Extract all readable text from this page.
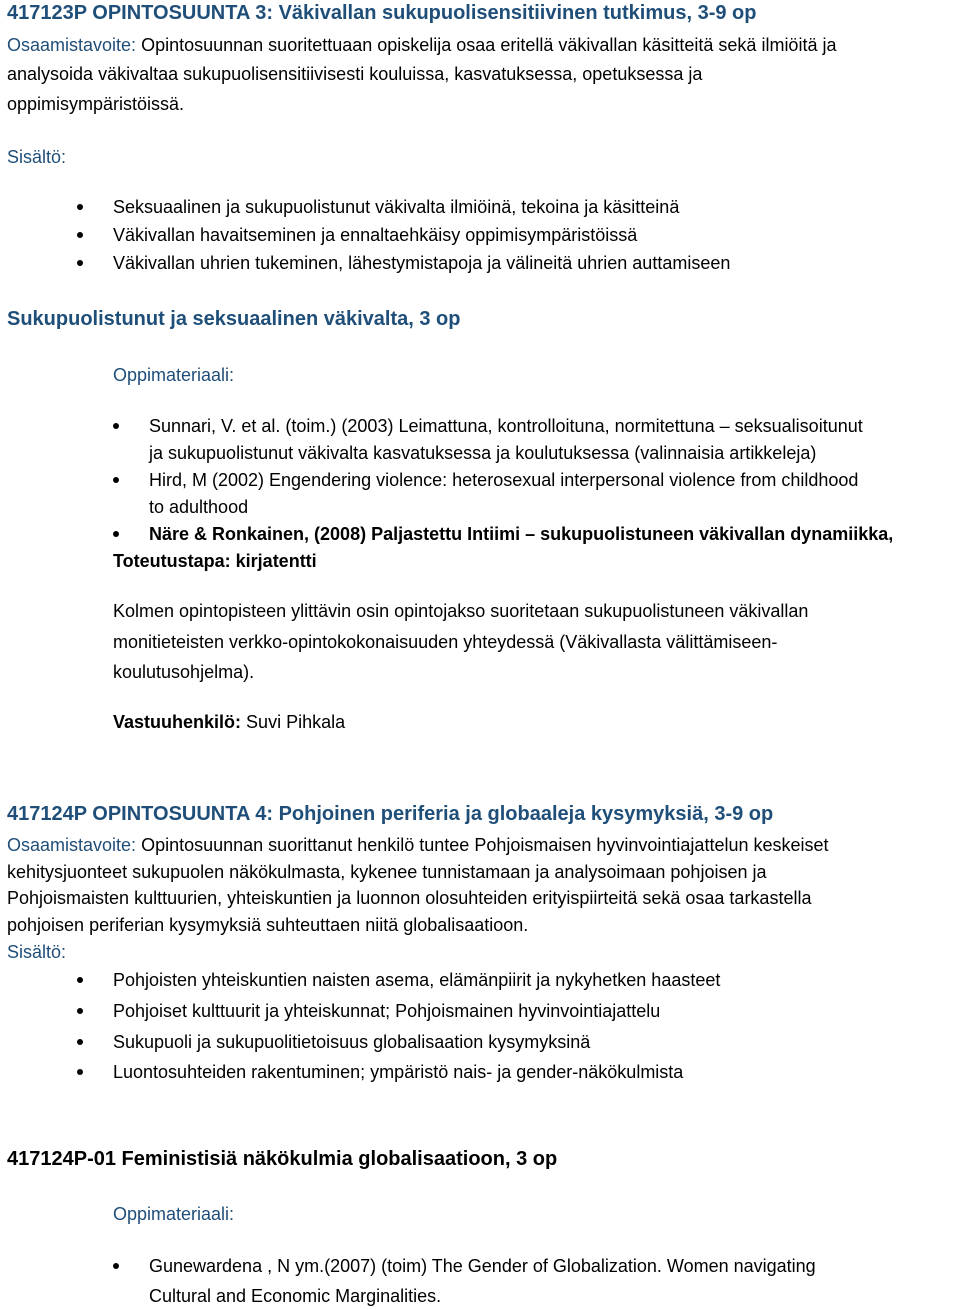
417123P OPINTOSUUNTA 3: Väkivallan sukupuolisensitiivinen tutkimus, 3-9 op
Osaamistavoite: Opintosuunnan suoritettuaan opiskelija osaa eritellä väkivallan käsitteitä sekä ilmiöitä ja
analysoida väkivaltaa sukupuolisensitiivisesti kouluissa, kasvatuksessa, opetuksessa ja
oppimisympäristöissä.
Sisältö:
Seksuaalinen ja sukupuolistunut väkivalta ilmiöinä, tekoina ja käsitteinä
Väkivallan havaitseminen ja ennaltaehkäisy oppimisympäristöissä
Väkivallan uhrien tukeminen, lähestymistapoja ja välineitä uhrien auttamiseen
Sukupuolistunut ja seksuaalinen väkivalta, 3 op
Oppimateriaali:
Sunnari, V. et al. (toim.) (2003) Leimattuna, kontrolloituna, normitettuna – seksualisoitunut
ja sukupuolistunut väkivalta kasvatuksessa ja koulutuksessa (valinnaisia artikkeleja)
Hird, M (2002) Engendering violence: heterosexual interpersonal violence from childhood
to adulthood
Näre & Ronkainen, (2008) Paljastettu Intiimi – sukupuolistuneen väkivallan dynamiikka,
Toteutustapa: kirjatentti
Kolmen opintopisteen ylittävin osin opintojakso suoritetaan sukupuolistuneen väkivallan
monitieteisten verkko-opintokokonaisuuden yhteydessä (Väkivallasta välittämiseen-
koulutusohjelma).
Vastuuhenkilö: Suvi Pihkala
417124P OPINTOSUUNTA 4: Pohjoinen periferia ja globaaleja kysymyksiä, 3-9 op
Osaamistavoite: Opintosuunnan suorittanut henkilö tuntee Pohjoismaisen hyvinvointiajattelun keskeiset
kehitysjuonteet sukupuolen näkökulmasta, kykenee tunnistamaan ja analysoimaan pohjoisen ja
Pohjoismaisten kulttuurien, yhteiskuntien ja luonnon olosuhteiden erityispiirteitä sekä osaa tarkastella
pohjoisen periferian kysymyksiä suhteuttaen niitä globalisaatioon.
Sisältö:
Pohjoisten yhteiskuntien naisten asema, elämänpiirit ja nykyhetken haasteet
Pohjoiset kulttuurit ja yhteiskunnat; Pohjoismainen hyvinvointiajattelu
Sukupuoli ja sukupuolitietoisuus globalisaation kysymyksinä
Luontosuhteiden rakentuminen; ympäristö nais- ja gender-näkökulmista
417124P-01 Feministisiä näkökulmia globalisaatioon, 3 op
Oppimateriaali:
Gunewardena , N ym.(2007) (toim) The Gender of Globalization. Women navigating
Cultural and Economic Marginalities.
